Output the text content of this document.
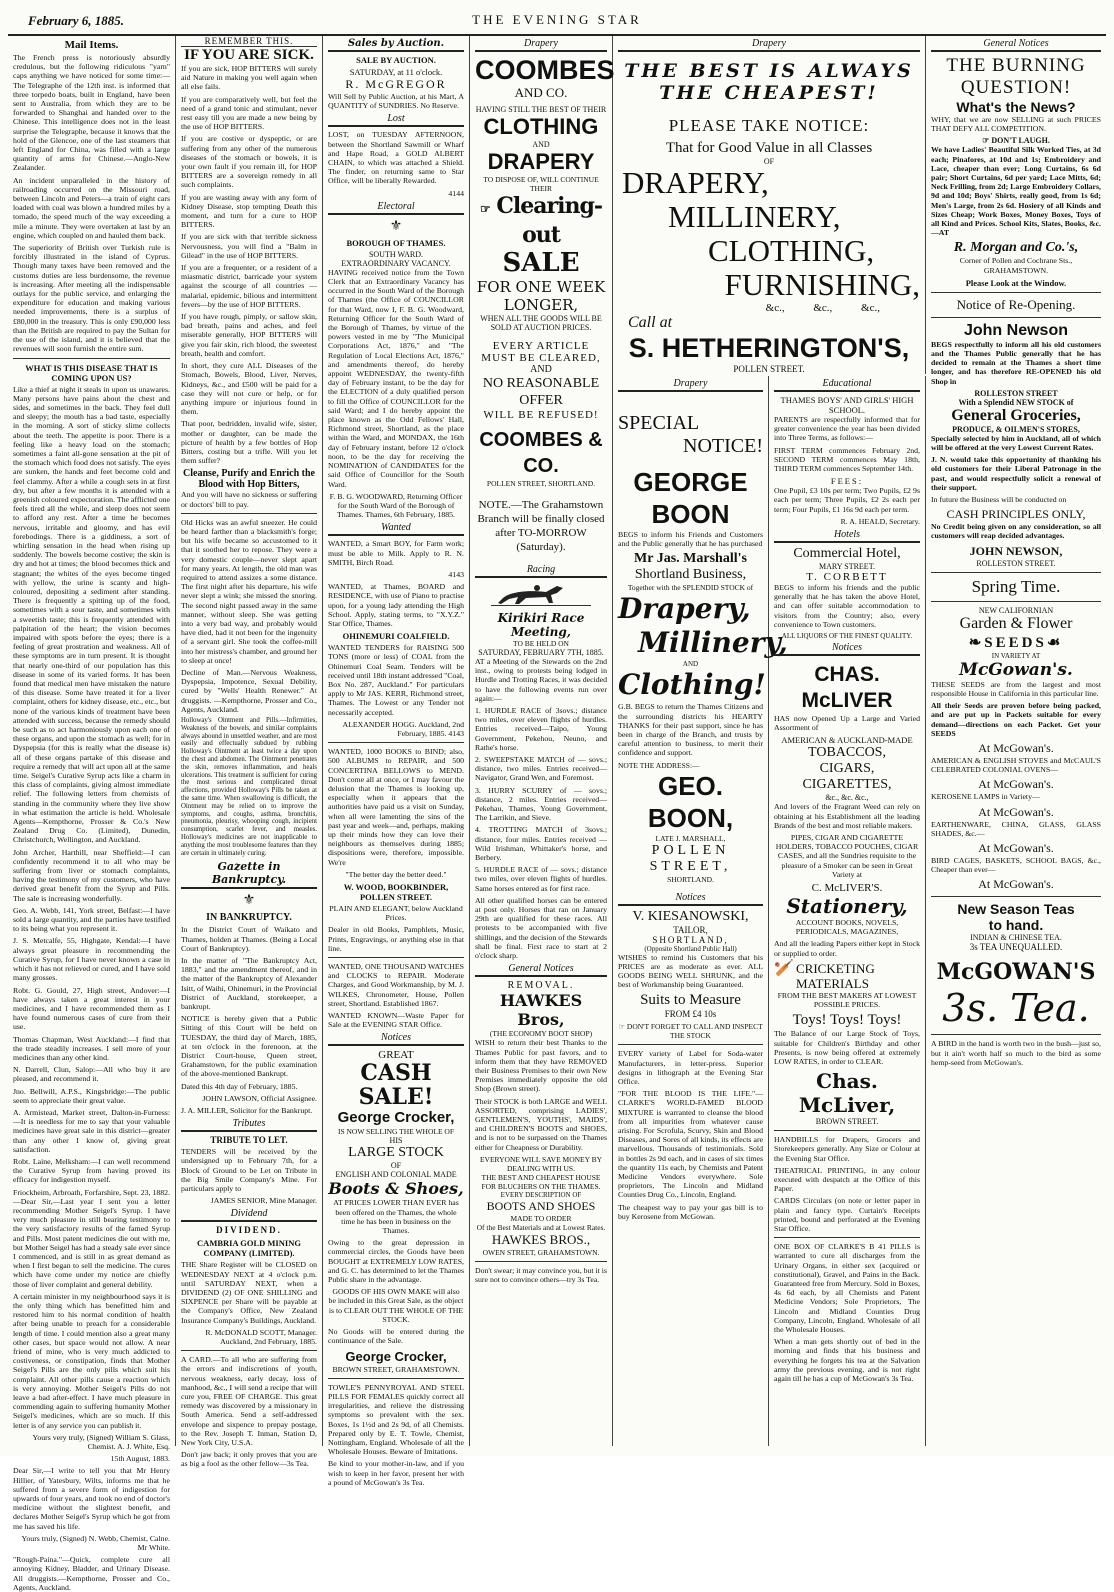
February 6, 1885.	THE EVENING STAR
Mail Items.

The French press is notoriously absurdly credulous, but the following ridiculous "yarn" caps anything we have noticed for some time:—The Telegraphe of the 12th inst. is informed that three torpedo boats, built in England, have been sent to Australia, from which they are to be forwarded to Shanghai and handed over to the Chinese. This intelligence does not in the least surprise the Telegraphe, because it knows that the hold of the Glencoe, one of the last steamers that left England for China, was filled with a large quantity of arms for Chinese.—Anglo-New Zealander.

An incident unparalleled in the history of railroading occurred on the Missouri road, between Lincoln and Peters—a train of eight cars loaded with coal was blown a hundred miles by a tornado, the speed much of the way exceeding a mile a minute. They were overtaken at last by an engine, which coupled on and hauled them back.

The superiority of British over Turkish rule is forcibly illustrated in the island of Cyprus. Though many taxes have been removed and the customs duties are less burdensome, the revenue is increasing. After meeting all the indispensable outlays for the public service, and enlarging the expenditure for education and making various needed improvements, there is a surplus of £80,000 in the treasury. This is only £90,000 less than the British are required to pay the Sultan for the use of the island, and it is believed that the revenues will soon furnish the entire sum.

WHAT IS THIS DISEASE THAT IS COMING UPON US?

Like a thief at night it steals in upon us unawares. Many persons have pains about the chest and sides, and sometimes in the back. They feel dull and sleepy; the mouth has a bad taste, especially in the morning. A sort of sticky slime collects about the teeth. The appetite is poor. There is a feeling like a heavy load on the stomach; sometimes a faint all-gone sensation at the pit of the stomach which food does not satisfy. The eyes are sunken, the hands and feet become cold and feel clammy. After a while a cough sets in at first dry, but after a few months it is attended with a greenish coloured expectoration. The afflicted one feels tired all the while, and sleep does not seem to afford any rest. After a time he becomes nervous, irritable and gloomy, and has evil forebodings. There is a giddiness, a sort of whirling sensation in the head when rising up suddenly. The bowels become costive; the skin is dry and hot at times; the blood becomes thick and stagnant; the whites of the eyes become tinged with yellow, the urine is scanty and high-coloured, depositing a sediment after standing. There is frequently a spitting up of the food, sometimes with a sour taste, and sometimes with a sweetish taste; this is frequently attended with palpitation of the heart; the vision becomes impaired with spots before the eyes; there is a feeling of great prostration and weakness. All of these symptoms are in turn present. It is thought that nearly one-third of our population has this disease in some of its varied forms. It has been found that medical men have mistaken the nature of this disease. Some have treated it for a liver complaint, others for kidney disease, etc., etc., but none of the various kinds of treatment have been attended with success, because the remedy should be such as to act harmoniously upon each one of these organs, and upon the stomach as well; for in Dyspepsia (for this is really what the disease is) all of these organs partake of this disease and require a remedy that will act upon all at the same time. Seigel's Curative Syrup acts like a charm in this class of complaints, giving almost immediate relief. The following letters from chemists of standing in the community where they live show in what estimation the article is held. Wholesale Agents—Kempthorne, Prosser & Co.'s New Zealand Drug Co. (Limited), Dunedin, Christchurch, Wellington, and Auckland.

John Archer, Harthill, near Sheffield:—I can confidently recommend it to all who may be suffering from liver or stomach complaints, having the testimony of my customers, who have derived great benefit from the Syrup and Pills. The sale is increasing wonderfully.

Geo. A. Webb, 141, York street, Belfast:—I have sold a large quantity, and the parties have testified to its being what you represent it.

J. S. Metcalfe, 55, Highgate, Kendal:—I have always great pleasure in recommending the Curative Syrup, for I have never known a case in which it has not relieved or cured, and I have sold many grosses.

Robt. G. Gould, 27, High street, Andover:—I have always taken a great interest in your medicines, and I have recommended them as I have found numerous cases of cure from their use.

Thomas Chapman, West Auckland:—I find that the trade steadily increases. I sell more of your medicines than any other kind.

N. Darrell, Clun, Salop:—All who buy it are pleased, and recommend it.

Jno. Bellwill, A.P.S., Kingsbridge:—The public seem to appreciate their great value.

A. Armistead, Market street, Dalton-in-Furness:—It is needless for me to say that your valuable medicines have great sale in this district—greater than any other I know of, giving great satisfaction.

Robt. Laine, Melksham:—I can well recommend the Curative Syrup from having proved its efficacy for indigestion myself.

Friockheim, Arbroath, Forfarshire, Sept. 23, 1882.—Dear Sir,—Last year I sent you a letter recommending Mother Seigel's Syrup. I have very much pleasure in still bearing testimony to the very satisfactory results of the famed Syrup and Pills. Most patent medicines die out with me, but Mother Seigel has had a steady sale ever since I commenced, and is still in as great demand as when I first began to sell the medicine. The cures which have come under my notice are chiefly those of liver complaint and general debility.

A certain minister in my neighbourhood says it is the only thing which has benefitted him and restored him to his normal condition of health after being unable to preach for a considerable length of time. I could mention also a great many other cases, but space would not allow. A near friend of mine, who is very much addicted to costiveness, or constipation, finds that Mother Seigel's Pills are the only pills which suit his complaint. All other pills cause a reaction which is very annoying. Mother Seigel's Pills do not leave a bad after-effect. I have much pleasure in commending again to suffering humanity Mother Seigel's medicines, which are so much. If this letter is of any service you can publish it.

Yours very truly, (Signed) William S. Glass, Chemist. A. J. White, Esq.

15th August, 1883.

Dear Sir,—I write to tell you that Mr Henry Hillier, of Yatesbury, Wilts, informs me that he suffered from a severe form of indigestion for upwards of four years, and took no end of doctor's medicine without the slightest benefit, and declares Mother Seigel's Syrup which he got from me has saved his life.

Yours truly, (Signed) N. Webb, Chemist, Calne. Mr White.

"Rough-Paina."—Quick, complete cure all annoying Kidney, Bladder, and Urinary Disease. All druggists.—Kempthorne, Prosser and Co., Agents, Auckland.

REMEMBER THIS.
IF YOU ARE SICK.

If you are sick, HOP BITTERS will surely aid Nature in making you well again when all else fails.

If you are comparatively well, but feel the need of a grand tonic and stimulant, never rest easy till you are made a new being by the use of HOP BITTERS.

If you are costive or dyspeptic, or are suffering from any other of the numerous diseases of the stomach or bowels, it is your own fault if you remain ill, for HOP BITTERS are a sovereign remedy in all such complaints.

If you are wasting away with any form of Kidney Disease, stop tempting Death this moment, and turn for a cure to HOP BITTERS.

If you are sick with that terrible sickness Nervousness, you will find a "Balm in Gilead" in the use of HOP BITTERS.

If you are a frequenter, or a resident of a miasmatic district, barricade your system against the scourge of all countries —malarial, epidemic, bilious and intermittent fevers—by the use of HOP BITTERS.

If you have rough, pimply, or sallow skin, bad breath, pains and aches, and feel miserable generally, HOP BITTERS will give you fair skin, rich blood, the sweetest breath, health and comfort.

In short, they cure ALL Diseases of the Stomach, Bowels, Blood, Liver, Nerves, Kidneys, &c., and £500 will be paid for a case they will not cure or help, or for anything impure or injurious found in them.

That poor, bedridden, invalid wife, sister, mother or daughter, can be made the picture of health by a few bottles of Hop Bitters, costing but a trifle. Will you let them suffer?

Cleanse, Purify and Enrich the Blood with Hop Bitters,

And you will have no sickness or suffering or doctors' bill to pay.

Old Hicks was an awful sneezer. He could be heard farther than a blacksmith's forge; but his wife became so accustomed to it that it soothed her to repose. They were a very domestic couple—never slept apart for many years. At length, the old man was required to attend assizes a some distance. The first night after his departure, his wife never slept a wink; she missed the snoring. The second night passed away in the same manner, without sleep. She was getting into a very bad way, and probably would have died, had it not been for the ingenuity of a servant girl. She took the coffee-mill into her mistress's chamber, and ground her to sleep at once!

Decline of Man.—Nervous Weakness, Dyspepsia, Impotence, Sexual Debility, cured by "Wells' Health Renewer." At druggists. —Kempthorne, Prosser and Co., Agents, Auckland.

Holloway's Ointment and Pills.—Infirmities, Weakness of the bowels, and similar complaints always abound in unsettled weather, and are most easily and effectually subdued by rubbing Holloway's Ointment at least twice a day upon the chest and abdomen. The Ointment penetrates the skin, removes inflammation, and heals ulcerations. This treatment is sufficient for curing the most serious and complicated throat affections, provided Holloway's Pills be taken at the same time. When swallowing is difficult, the Ointment may be relied on to improve the symptoms, and coughs, asthma, bronchitis, pneumonia, pleurisy, whooping cough, incipient consumption, scarlet fever, and measles. Holloway's medicines are not inapplicable to anything the most troublesome features than they are certain in ultimately curing.

Gazette in Bankruptcy.
⚜
IN BANKRUPTCY.

In the District Court of Waikato and Thames, holden at Thames. (Being a Local Court of Bankruptcy).

In the matter of "The Bankruptcy Act, 1883," and the amendment thereof, and in the matter of the Bankruptcy of Alexander Isitt, of Waihi, Ohinemuri, in the Provincial District of Auckland, storekeeper, a bankrupt.

NOTICE is hereby given that a Public Sitting of this Court will be held on TUESDAY, the third day of March, 1885, at ten o'clock in the forenoon, at the District Court-house, Queen street, Grahamstown, for the public examination of the above-mentioned Bankrupt.

Dated this 4th day of February, 1885.

JOHN LAWSON, Official Assignee.

J. A. MILLER, Solicitor for the Bankrupt.

Tributes
TRIBUTE TO LET.

TENDERS will be received by the undersigned up to February 7th, for a Block of Ground to be Let on Tribute in the Big Smile Company's Mine. For particulars apply to

JAMES SENIOR, Mine Manager.

Dividend
DIVIDEND.
CAMBRIA GOLD MINING COMPANY (LIMITED).

THE Share Register will be CLOSED on WEDNESDAY NEXT at 4 o'clock p.m. until SATURDAY NEXT, when a DIVIDEND (2) OF ONE SHILLING and SIXPENCE per Share will be payable at the Company's Office, New Zealand Insurance Company's Buildings, Auckland.

R. McDONALD SCOTT, Manager. Auckland, 2nd February, 1885.

A CARD.—To all who are suffering from the errors and indiscretions of youth, nervous weakness, early decay, loss of manhood, &c., I will send a recipe that will cure you, FREE OF CHARGE. This great remedy was discovered by a missionary in South America. Send a self-addressed envelope and sixpence to prepay postage, to the Rev. Joseph T. Inman, Station D, New York City, U.S.A.

Don't jaw back; it only proves that you are as big a fool as the other fellow—3s Tea.

Sales by Auction.
SALE BY AUCTION.
SATURDAY, at 11 o'clock.
R. McGREGOR

Will Sell by Public Auction, at his Mart, A QUANTITY of SUNDRIES. No Reserve.

Lost

LOST, on TUESDAY AFTERNOON, between the Shortland Sawmill or Wharf and Hape Road, a GOLD ALBERT CHAIN, to which was attached a Shield. The finder, on returning same to Star Office, will be liberally Rewarded.

4144

Electoral
⚜
BOROUGH OF THAMES.
SOUTH WARD.
EXTRAORDINARY VACANCY.

HAVING received notice from the Town Clerk that an Extraordinary Vacancy has occurred in the South Ward of the Borough of Thames (the Office of COUNCILLOR for that Ward, now I, F. B. G. Woodward, Returning Officer for the South Ward of the Borough of Thames, by virtue of the powers vested in me by "The Municipal Corporations Act, 1876," and "The Regulation of Local Elections Act, 1876," and amendments thereof, do hereby appoint WEDNESDAY, the twenty-fifth day of February instant, to be the day for the ELECTION of a duly qualified person to fill the Office of COUNCILLOR for the said Ward; and I do hereby appoint the place known as the Odd Fellows' Hall, Richmond street, Shortland, as the place within the Ward, and MONDAX, the 16th day of February instant, before 12 o'clock noon, to be the day for receiving the NOMINATION of CANDIDATES for the said Office of Councillor for the South Ward.

F. B. G. WOODWARD, Returning Officer for the South Ward of the Borough of Thames. Thames, 6th February, 1885.

Wanted

WANTED, a Smart BOY, for Farm work; must be able to Milk. Apply to R. N. SMITH, Birch Road.

4143

WANTED, at Thames, BOARD and RESIDENCE, with use of Piano to practise upon, for a young lady attending the High School. Apply, stating terms, to "X.Y.Z." Star Office, Thames.

OHINEMURI COALFIELD.

WANTED TENDERS for RAISING 500 TONS (more or less) of COAL from the Ohinemuri Coal Seam. Tenders will be received until 18th instant addressed "Coal, Box No. 287, Auckland." For particulars apply to Mr JAS. KERR, Richmond street, Thames. The Lowest or any Tender not necessarily accepted.

ALEXANDER HOGG. Auckland, 2nd February, 1885. 4143

WANTED, 1000 BOOKS to BIND; also, 500 ALBUMS to REPAIR, and 500 CONCERTINA BELLOWS to MEND. Don't come all at once, or I may favour the delusion that the Thames is looking up, especially when it appears that the authorities have paid us a visit on Sunday, when all were lamenting the sins of the past year and week—and, perhaps, making up their minds how they can love their neighbours as themselves during 1885; dispositions were, therefore, impossible. We're

"The better day the better deed."

W. WOOD, BOOKBINDER, POLLEN STREET.

PLAIN AND ELEGANT, below Auckland Prices.

Dealer in old Books, Pamphlets, Music, Prints, Engravings, or anything else in that line.

WANTED, ONE THOUSAND WATCHES and CLOCKS to REPAIR. Moderate Charges, and Good Workmanship, by M. J. WILKES, Chronometer, House, Pollen street, Shortland. Established 1867.

WANTED KNOWN—Waste Paper for Sale at the EVENING STAR Office.

Notices
GREAT
CASH SALE!
George Crocker,
IS NOW SELLING THE WHOLE OF
HIS
LARGE STOCK
OF
ENGLISH AND COLONIAL MADE
Boots & Shoes,

AT PRICES LOWER THAN EVER has been offered on the Thames, the whole time he has been in business on the Thames.

Owing to the great depression in commercial circles, the Goods have been BOUGHT at EXTREMELY LOW RATES, and G. C. has determined to let the Thames Public share in the advantage.

GOODS OF HIS OWN MAKE will also be included in this Great Sale, as the object is to CLEAR OUT THE WHOLE OF THE STOCK.

No Goods will be entered during the continuance of the Sale.

George Crocker,

BROWN STREET, GRAHAMSTOWN.

TOWLE'S PENNYROYAL AND STEEL PILLS FOR FEMALES quickly correct all irregularities, and relieve the distressing symptoms so prevalent with the sex. Boxes, 1s 1½d and 2s 9d, of all Chemists. Prepared only by E. T. Towle, Chemist, Nottingham, England. Wholesale of all the Wholesale Houses. Beware of Imitations.

Be kind to your mother-in-law, and if you wish to keep in her favor, present her with a pound of McGowan's 3s Tea.

Drapery
COOMBES
AND CO.
HAVING STILL THE BEST OF THEIR
CLOTHING
AND
DRAPERY
TO DISPOSE OF, WILL CONTINUE THEIR
☞ Clearing-out
SALE
FOR ONE WEEK
LONGER,
WHEN ALL THE GOODS WILL BE SOLD AT AUCTION PRICES.
EVERY ARTICLE MUST BE CLEARED,
AND
NO REASONABLE OFFER
WILL BE REFUSED!
COOMBES & CO.
POLLEN STREET, SHORTLAND.
NOTE.—The Grahamstown Branch will be finally closed after TO-MORROW (Saturday).
Racing
Kirikiri Race Meeting,
TO BE HELD ON
SATURDAY, FEBRUARY 7TH, 1885.

AT a Meeting of the Stewards on the 2nd inst., owing to protests being lodged in Hurdle and Trotting Races, it was decided to have the following events run over again:—

1. HURDLE RACE of 3sovs.; distance two miles, over eleven flights of hurdles. Entries received—Taipo, Young Government, Pekehou, Neuno, and Rathe's horse.

2. SWEEPSTAKE MATCH of — sovs.; distance, two miles. Entries received—Navigator, Grand Wen, and Foremost.

3. HURRY SCURRY of — sovs.; distance, 2 miles. Entries received—Pekehau, Thames, Young Government, The Larrikin, and Sieve.

4. TROTTING MATCH of 3sovs.; distance, four miles. Entries received — Wild Irishman, Whittaker's horse, and Berbery.

5. HURDLE RACE of — sovs.; distance two miles, over eleven flights of hurdles. Same horses entered as for first race.

All other qualified horses can be entered at post only. Horses that ran on January 29th are qualified for these races. All protests to be accompanied with five shillings, and the decision of the Stewards shall be final. First race to start at 2 o'clock sharp.

General Notices
REMOVAL.
HAWKES Bros,
(THE ECONOMY BOOT SHOP)

WISH to return their best Thanks to the Thames Public for past favors, and to inform them that they have REMOVED their Business Premises to their own New Premises immediately opposite the old Shop (Brown street).

Their STOCK is both LARGE and WELL ASSORTED, comprising LADIES', GENTLEMEN'S, YOUTHS', MAIDS', and CHILDREN'S BOOTS and SHOES, and is not to be surpassed on the Thames either for Cheapness or Durability.

EVERYONE WILL SAVE MONEY BY DEALING WITH US.
THE BEST AND CHEAPEST HOUSE FOR BLUCHERS ON THE THAMES.
EVERY DESCRIPTION OF
BOOTS AND SHOES
MADE TO ORDER
Of the Best Materials and at Lowest Rates.
HAWKES BROS.,
OWEN STREET, GRAHAMSTOWN.

Don't swear; it may convince you, but it is sure not to convince others—try 3s Tea.

Drapery
THE BEST IS ALWAYS
THE CHEAPEST!
PLEASE TAKE NOTICE:
That for Good Value in all Classes
OF
DRAPERY,
MILLINERY,
CLOTHING,
FURNISHING,
&c.,	&c.,	&c.,
Call at
S. HETHERINGTON'S,
POLLEN STREET.
Drapery
SPECIAL
NOTICE!
GEORGE BOON

BEGS to inform his Friends and Customers and the Public generally that he has purchased

Mr Jas. Marshall's
Shortland Business,
Together with the SPLENDID STOCK of
Drapery,
Millinery,
AND
Clothing!

G.B. BEGS to return the Thames Citizens and the surrounding districts his HEARTY THANKS for their past support, since he has been in charge of the Branch, and trusts by careful attention to business, to merit their confidence and support.

NOTE THE ADDRESS:—
GEO. BOON,
LATE J. MARSHALL,
POLLEN STREET,
SHORTLAND.
Notices
V. KIESANOWSKI,
TAILOR,
SHORTLAND,
(Opposite Shortland Public Hall)

WISHES to remind his Customers that his PRICES are as moderate as ever. ALL GOODS BEING WELL SHRUNK, and the best of Workmanship being Guaranteed.

Suits to Measure
FROM £4 10s
☞ DON'T FORGET TO CALL AND INSPECT THE STOCK

EVERY variety of Label for Soda-water Manufacturers, in letter-press. Superior designs in lithograph at the Evening Star Office.

"FOR THE BLOOD IS THE LIFE."— CLARKE'S WORLD-FAMED BLOOD MIXTURE is warranted to cleanse the blood from all impurities from whatever cause arising. For Scrofula, Scurvy, Skin and Blood Diseases, and Sores of all kinds, its effects are marvellous. Thousands of testimonials. Sold in bottles 2s 9d each, and in cases of six times the quantity 11s each, by Chemists and Patent Medicine Vendors everywhere. Sole proprietors, The Lincoln and Midland Counties Drug Co., Lincoln, England.

The cheapest way to pay your gas bill is to buy Kerosene from McGowan.

Educational
THAMES BOYS' AND GIRLS' HIGH SCHOOL.

PARENTS are respectfully informed that for greater convenience the year has been divided into Three Terms, as follows:—

FIRST TERM commences February 2nd, SECOND TERM commences May 18th, THIRD TERM commences September 14th.

FEES:

One Pupil, £3 10s per term; Two Pupils, £2 9s each per term; Three Pupils, £2 2s each per term; Four Pupils, £1 16s 9d each per term.

R. A. HEALD, Secretary.

Hotels
Commercial Hotel,
MARY STREET.
T. CORBETT

BEGS to inform his friends and the public generally that he has taken the above Hotel, and can offer suitable accommodation to visitors from the Country; also, every convenience to Town customers.

ALL LIQUORS OF THE FINEST QUALITY.
Notices
CHAS. McLIVER

HAS now Opened Up a Large and Varied Assortment of

AMERICAN & AUCKLAND-MADE
TOBACCOS,
CIGARS,
CIGARETTES,
&c., &c. &c.,

And lovers of the Fragrant Weed can rely on obtaining at his Establishment all the leading Brands of the best and most reliable makers.

PIPES, CIGAR AND CIGARETTE HOLDERS, TOBACCO POUCHES, CIGAR CASES, and all the Sundries requisite to the pleasure of a Smoker can be seen in Great Variety at

C. McLIVER'S.
Stationery,

ACCOUNT BOOKS, NOVELS, PERIODICALS, MAGAZINES,

And all the leading Papers either kept in Stock or supplied to order.

🏏 CRICKETING MATERIALS

FROM THE BEST MAKERS AT LOWEST POSSIBLE PRICES.

Toys! Toys! Toys!

The Balance of our Large Stock of Toys, suitable for Children's Birthday and other Presents, is now being offered at extremely LOW RATES, in order to CLEAR.

Chas. McLiver,
BROWN STREET.

HANDBILLS for Drapers, Grocers and Storekeepers generally. Any Size or Colour at the Evening Star Office.

THEATRICAL PRINTING, in any colour executed with despatch at the Office of this Paper.

CARDS Circulars (on note or letter paper in plain and fancy type. Curtain's Receipts printed, bound and perforated at the Evening Star Office.

ONE BOX OF CLARKE'S B 41 PILLS is warranted to cure all discharges from the Urinary Organs, in either sex (acquired or constitutional), Gravel, and Pains in the Back. Guaranteed free from Mercury. Sold in Boxes, 4s 6d each, by all Chemists and Patent Medicine Vendors; Sole Proprietors, The Lincoln and Midland Counties Drug Company, Lincoln, England. Wholesale of all the Wholesale Houses.

When a man gets shortly out of bed in the morning and finds that his business and everything he forgets his tea at the Salvation army the previous evening, and is not right again till he has a cup of McGowan's 3s Tea.

General Notices
THE BURNING QUESTION!
What's the News?

WHY, that we are now SELLING at such PRICES THAT DEFY ALL COMPETITION.

☞ DON'T LAUGH.

We have Ladies' Beautiful Silk Worked Ties, at 3d each; Pinafores, at 10d and 1s; Embroidery and Lace, cheaper than ever; Long Curtains, 6s 6d pair; Short Curtains, 6d per yard; Lace Mitts, 6d; Neck Frilling, from 2d; Large Embroidery Collars, 9d and 10d; Boys' Shirts, really good, from 1s 6d; Men's Large, from 2s 6d. Hosiery of all Kinds and Sizes Cheap; Work Boxes, Money Boxes, Toys of all Kind and Prices. School Kits, Slates, Books, &c.—AT

R. Morgan and Co.'s,

Corner of Pollen and Cochrane Sts., GRAHAMSTOWN.

Please Look at the Window.
Notice of Re-Opening.
John Newson

BEGS respectfully to inform all his old customers and the Thames Public generally that he has decided to remain at the Thames a short time longer, and has therefore RE-OPENED his old Shop in

ROLLESTON STREET
With a Splendid NEW STOCK of
General Groceries,
PRODUCE, & OILMEN'S STORES,

Specially selected by him in Auckland, all of which will be offered at the very Lowest Current Rates.

J. N. would take this opportunity of thanking his old customers for their Liberal Patronage in the past, and would respectfully solicit a renewal of their support.

In future the Business will be conducted on

CASH PRINCIPLES ONLY,

No Credit being given on any consideration, so all customers will reap decided advantages.

JOHN NEWSON,
ROLLESTON STREET.
Spring Time.
NEW CALIFORNIAN
Garden & Flower
❧SEEDS☙
IN VARIETY AT
McGowan's.

THESE SEEDS are from the largest and most responsible House in California in this particular line.

All their Seeds are proven before being packed, and are put up in Packets suitable for every demand—directions on each Packet. Get your SEEDS

At McGowan's.

AMERICAN & ENGLISH STOVES and McCAUL'S CELEBRATED COLONIAL OVENS—

At McGowan's.

KEROSENE LAMPS in Variety—

At McGowan's.

EARTHENWARE, CHINA, GLASS, GLASS SHADES, &c.—

At McGowan's.

BIRD CAGES, BASKETS, SCHOOL BAGS, &c., Cheaper than ever—

At McGowan's.
New Season Teas
to hand.
INDIAN & CHINESE TEA.
3s TEA UNEQUALLED.
McGOWAN'S
3s. Tea.

A BIRD in the hand is worth two in the bush—just so, but it ain't worth half so much to the bird as some hemp-seed from McGowan's.
